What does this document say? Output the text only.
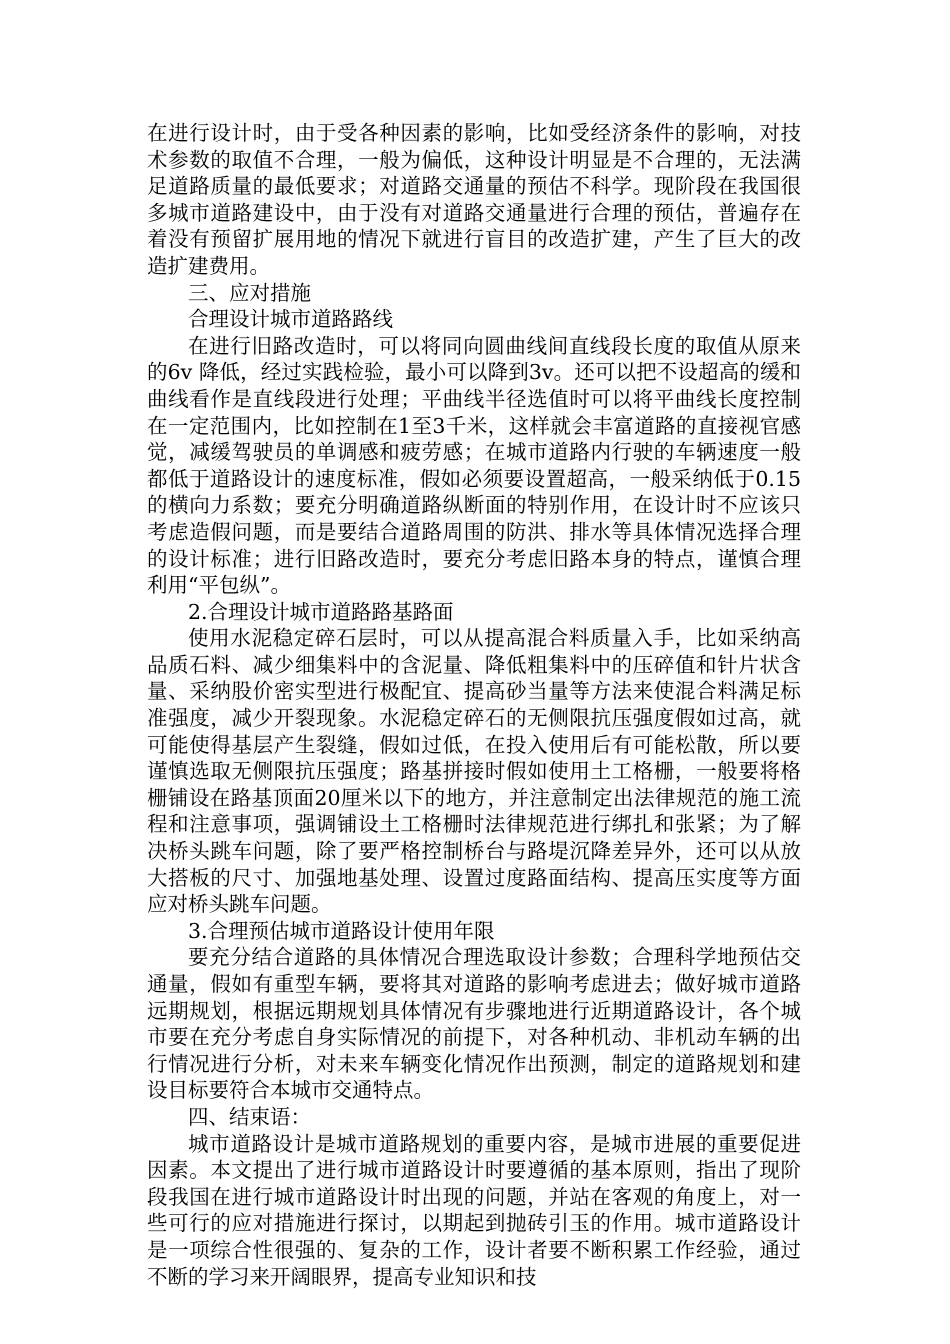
在进行设计时，由于受各种因素的影响，比如受经济条件的影响，对技术参数的取值不合理，一般为偏低，这种设计明显是不合理的，无法满足道路质量的最低要求；对道路交通量的预估不科学。现阶段在我国很多城市道路建设中，由于没有对道路交通量进行合理的预估，普遍存在着没有预留扩展用地的情况下就进行盲目的改造扩建，产生了巨大的改造扩建费用。

三、应对措施

合理设计城市道路路线

在进行旧路改造时，可以将同向圆曲线间直线段长度的取值从原来的6v 降低，经过实践检验，最小可以降到3v。还可以把不设超高的缓和曲线看作是直线段进行处理；平曲线半径选值时可以将平曲线长度控制在一定范围内，比如控制在1至3千米，这样就会丰富道路的直接视官感觉，减缓驾驶员的单调感和疲劳感；在城市道路内行驶的车辆速度一般都低于道路设计的速度标准，假如必须要设置超高，一般采纳低于0.15的横向力系数；要充分明确道路纵断面的特别作用，在设计时不应该只考虑造假问题，而是要结合道路周围的防洪、排水等具体情况选择合理的设计标准；进行旧路改造时，要充分考虑旧路本身的特点，谨慎合理利用“平包纵”。

2.合理设计城市道路路基路面

使用水泥稳定碎石层时，可以从提高混合料质量入手，比如采纳高品质石料、减少细集料中的含泥量、降低粗集料中的压碎值和针片状含量、采纳股价密实型进行极配宜、提高砂当量等方法来使混合料满足标准强度，减少开裂现象。水泥稳定碎石的无侧限抗压强度假如过高，就可能使得基层产生裂缝，假如过低，在投入使用后有可能松散，所以要谨慎选取无侧限抗压强度；路基拼接时假如使用土工格栅，一般要将格栅铺设在路基顶面20厘米以下的地方，并注意制定出法律规范的施工流程和注意事项，强调铺设土工格栅时法律规范进行绑扎和张紧；为了解决桥头跳车问题，除了要严格控制桥台与路堤沉降差异外，还可以从放大搭板的尺寸、加强地基处理、设置过度路面结构、提高压实度等方面应对桥头跳车问题。

3.合理预估城市道路设计使用年限

要充分结合道路的具体情况合理选取设计参数；合理科学地预估交通量，假如有重型车辆，要将其对道路的影响考虑进去；做好城市道路远期规划，根据远期规划具体情况有步骤地进行近期道路设计，各个城市要在充分考虑自身实际情况的前提下，对各种机动、非机动车辆的出行情况进行分析，对未来车辆变化情况作出预测，制定的道路规划和建设目标要符合本城市交通特点。

四、结束语：

城市道路设计是城市道路规划的重要内容，是城市进展的重要促进因素。本文提出了进行城市道路设计时要遵循的基本原则，指出了现阶段我国在进行城市道路设计时出现的问题，并站在客观的角度上，对一些可行的应对措施进行探讨，以期起到抛砖引玉的作用。城市道路设计是一项综合性很强的、复杂的工作，设计者要不断积累工作经验，通过不断的学习来开阔眼界，提高专业知识和技
